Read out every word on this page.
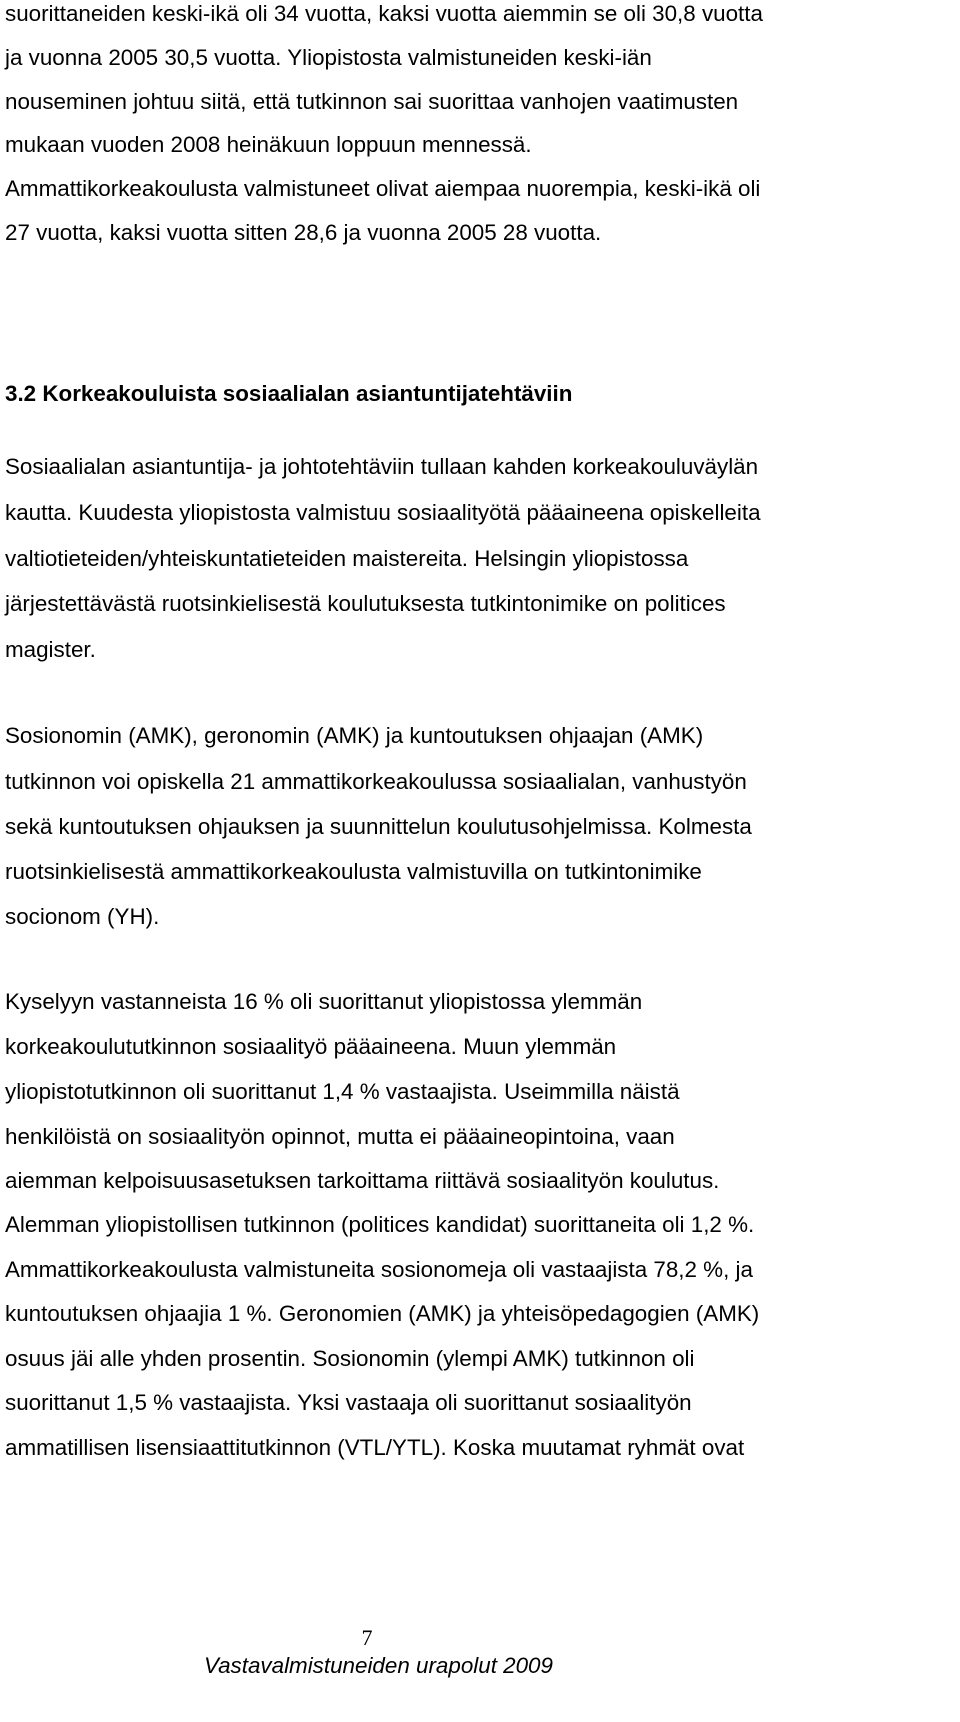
suorittaneiden keski-ikä oli 34 vuotta, kaksi vuotta aiemmin se oli 30,8 vuotta
ja vuonna 2005 30,5 vuotta. Yliopistosta valmistuneiden keski-iän
nouseminen johtuu siitä, että tutkinnon sai suorittaa vanhojen vaatimusten
mukaan vuoden 2008 heinäkuun loppuun mennessä.
Ammattikorkeakoulusta valmistuneet olivat aiempaa nuorempia, keski-ikä oli
27 vuotta, kaksi vuotta sitten 28,6 ja vuonna 2005 28 vuotta.
3.2 Korkeakouluista sosiaalialan asiantuntijatehtäviin
Sosiaalialan asiantuntija- ja johtotehtäviin tullaan kahden korkeakouluväylän
kautta. Kuudesta yliopistosta valmistuu sosiaalityötä pääaineena opiskelleita
valtiotieteiden/yhteiskuntatieteiden maistereita. Helsingin yliopistossa
järjestettävästä ruotsinkielisestä koulutuksesta tutkintonimike on politices
magister.
Sosionomin (AMK), geronomin (AMK) ja kuntoutuksen ohjaajan (AMK)
tutkinnon voi opiskella 21 ammattikorkeakoulussa sosiaalialan, vanhustyön
sekä kuntoutuksen ohjauksen ja suunnittelun koulutusohjelmissa. Kolmesta
ruotsinkielisestä ammattikorkeakoulusta valmistuvilla on tutkintonimike
socionom (YH).
Kyselyyn vastanneista 16 % oli suorittanut yliopistossa ylemmän
korkeakoulututkinnon sosiaalityö pääaineena. Muun ylemmän
yliopistotutkinnon oli suorittanut 1,4 % vastaajista. Useimmilla näistä
henkilöistä on sosiaalityön opinnot, mutta ei pääaineopintoina, vaan
aiemman kelpoisuusasetuksen tarkoittama riittävä sosiaalityön koulutus.
Alemman yliopistollisen tutkinnon (politices kandidat) suorittaneita oli 1,2 %.
Ammattikorkeakoulusta valmistuneita sosionomeja oli vastaajista 78,2 %, ja
kuntoutuksen ohjaajia 1 %. Geronomien (AMK) ja yhteisöpedagogien (AMK)
osuus jäi alle yhden prosentin. Sosionomin (ylempi AMK) tutkinnon oli
suorittanut 1,5 % vastaajista. Yksi vastaaja oli suorittanut sosiaalityön
ammatillisen lisensiaattitutkinnon (VTL/YTL). Koska muutamat ryhmät ovat
7
Vastavalmistuneiden urapolut 2009
